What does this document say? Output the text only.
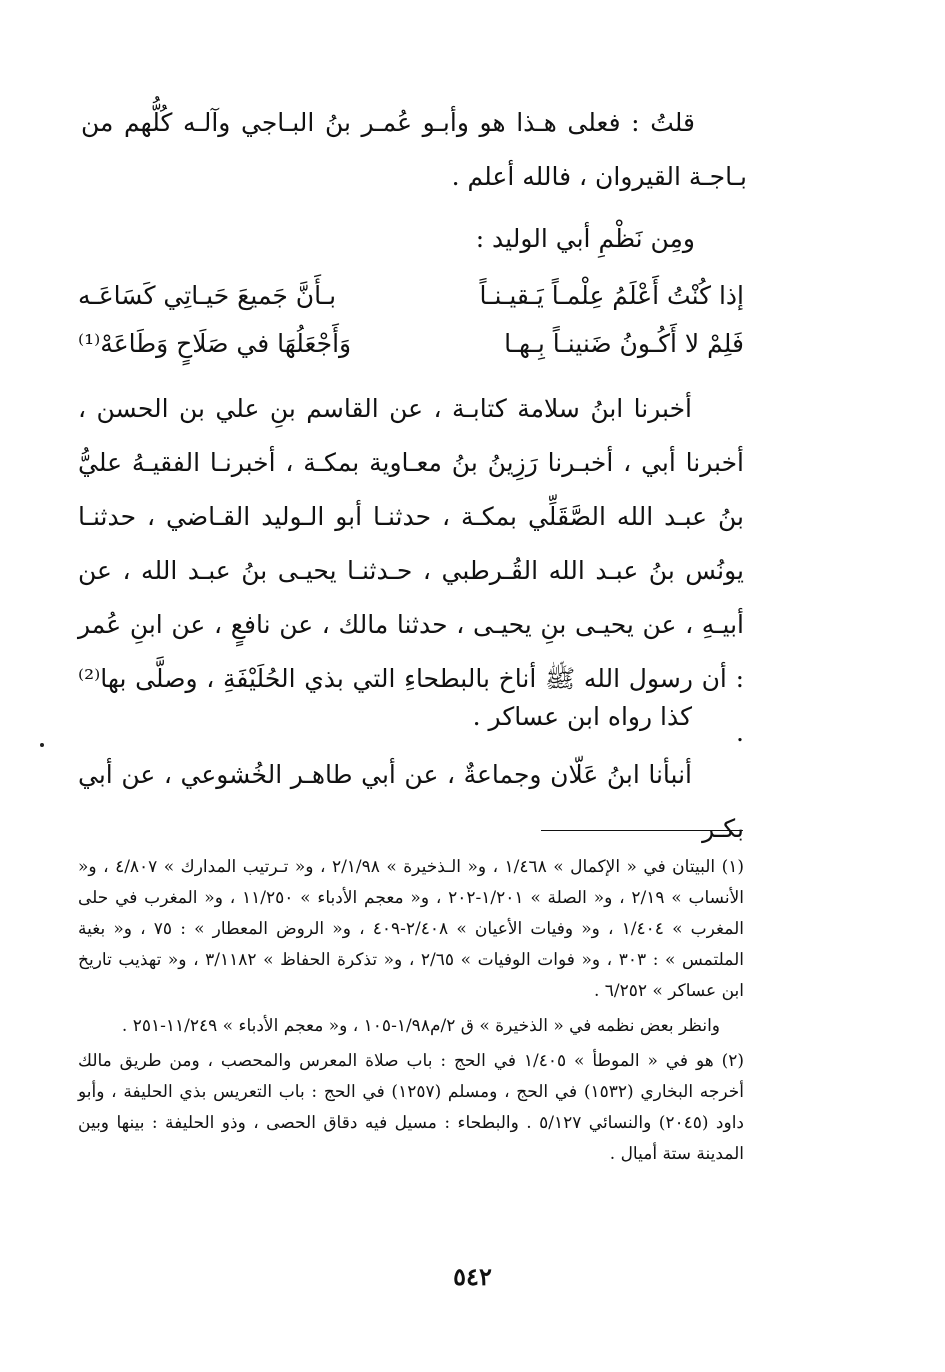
قلتُ : فعلى هـذا هو وأبـو عُمـر بنُ البـاجي وآلـه كُلُّهم من بـاجـة القيروان ، فالله أعلم .

ومِن نَظْمِ أبي الوليد :

إذا كُنْتُ أَعْلَمُ عِلْمـاً يَـقيـنـاً
بـأَنَّ جَميعَ حَيـاتِي كَسَاعَـه
فَلِمْ لا أَكُـونُ ضَنينـاً بِـهـا
وَأَجْعَلُهَا في صَلَاحٍ وَطَاعَهْ⁽¹⁾

أخبرنا ابنُ سلامة كتابـة ، عن القاسم بنِ علي بن الحسن ، أخبرنا أبي ، أخبـرنا رَزِينُ بنُ معـاوية بمكـة ، أخبرنـا الفقيـهُ عليُّ بنُ عبـد الله الصَّقَلِّي بمكـة ، حدثنـا أبو الـوليد القـاضي ، حدثنـا يونُس بنُ عبـد الله القُـرطبي ، حـدثنـا يحيـى بنُ عبـد الله ، عن أبيـهِ ، عن يحيـى بنِ يحيـى ، حدثنا مالك ، عن نافعٍ ، عن ابنِ عُمر : أن رسول الله ﷺ أناخ بالبطحاءِ التي بذي الحُلَيْفَةِ ، وصلَّى بها⁽²⁾ .

كذا رواه ابن عساكر .

أنبأنا ابنُ عَلّان وجماعةٌ ، عن أبي طاهـر الخُشوعي ، عن أبي بكـر

(١) البيتان في « الإكمال » ١/٤٦٨ ، و« الـذخيرة » ٢/١/٩٨ ، و« تـرتيب المدارك » ٤/٨٠٧ ، و« الأنساب » ٢/١٩ ، و« الصلة » ١/٢٠١-٢٠٢ ، و« معجم الأدباء » ١١/٢٥٠ ، و« المغرب في حلى المغرب » ١/٤٠٤ ، و« وفيات الأعيان » ٢/٤٠٨-٤٠٩ ، و« الروض المعطار » : ٧٥ ، و« بغية الملتمس » : ٣٠٣ ، و« فوات الوفيات » ٢/٦٥ ، و« تذكرة الحفاظ » ٣/١١٨٢ ، و« تهذيب تاريخ ابن عساكر » ٦/٢٥٢ .

وانظر بعض نظمه في « الذخيرة » ق ٢/م١/٩٨-١٠٥ ، و« معجم الأدباء » ١١/٢٤٩-٢٥١ .

(٢) هو في « الموطأ » ١/٤٠٥ في الحج : باب صلاة المعرس والمحصب ، ومن طريق مالك أخرجه البخاري (١٥٣٢) في الحج ، ومسلم (١٢٥٧) في الحج : باب التعريس بذي الحليفة ، وأبو داود (٢٠٤٥) والنسائي ٥/١٢٧ . والبطحاء : مسيل فيه دقاق الحصى ، وذو الحليفة : بينها وبين المدينة ستة أميال .

٥٤٢
